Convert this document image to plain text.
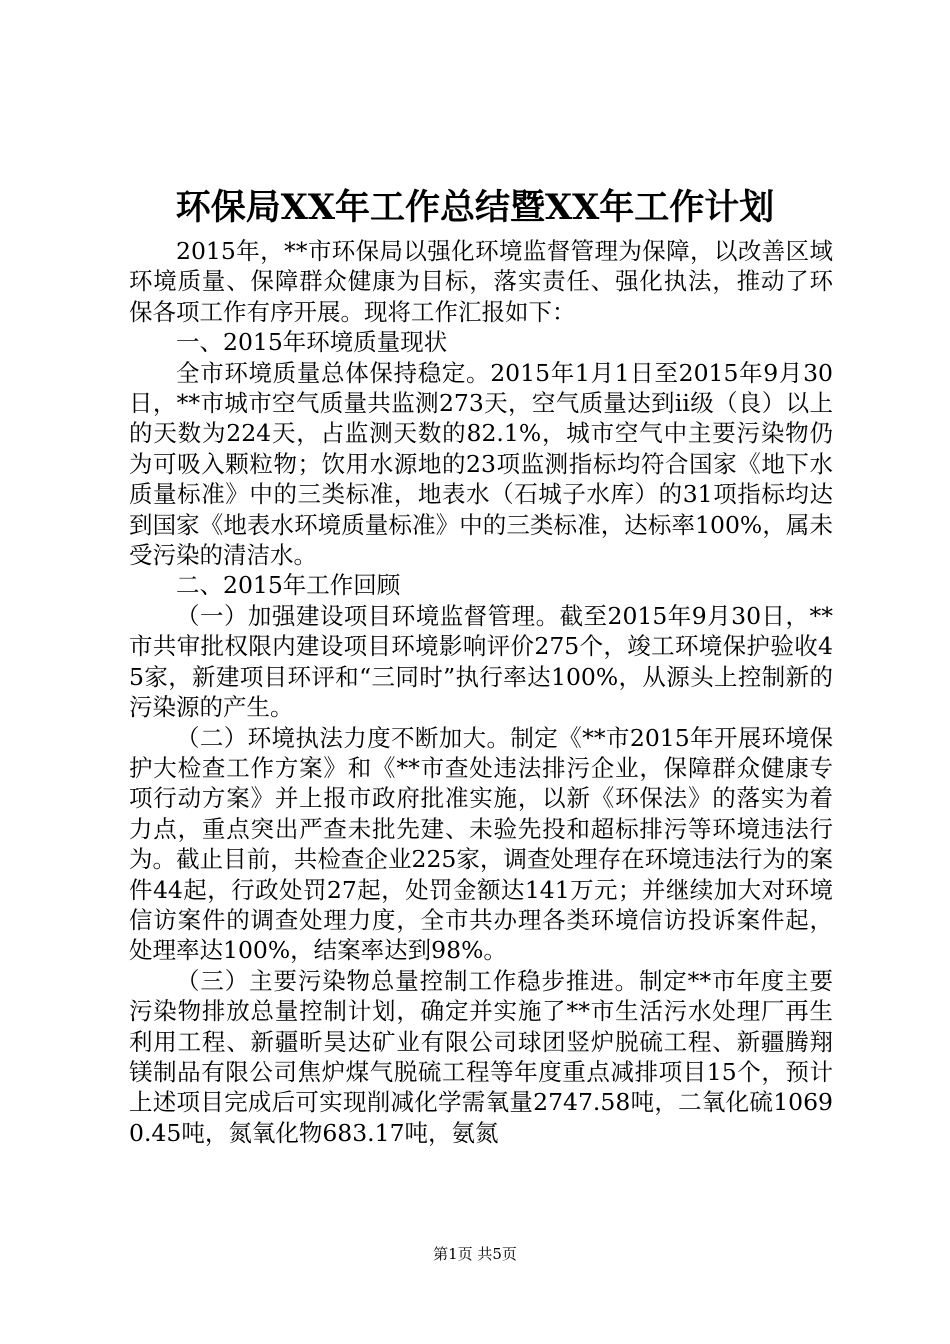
环保局XX年工作总结暨XX年工作计划

2015年，**市环保局以强化环境监督管理为保障，以改善区域环境质量、保障群众健康为目标，落实责任、强化执法，推动了环保各项工作有序开展。现将工作汇报如下：

一、2015年环境质量现状

全市环境质量总体保持稳定。2015年1月1日至2015年9月30日，**市城市空气质量共监测273天，空气质量达到ii级（良）以上的天数为224天，占监测天数的82.1%，城市空气中主要污染物仍为可吸入颗粒物；饮用水源地的23项监测指标均符合国家《地下水质量标准》中的三类标准，地表水（石城子水库）的31项指标均达到国家《地表水环境质量标准》中的三类标准，达标率100%，属未受污染的清洁水。

二、2015年工作回顾

（一）加强建设项目环境监督管理。截至2015年9月30日，**市共审批权限内建设项目环境影响评价275个，竣工环境保护验收45家，新建项目环评和“三同时”执行率达100%，从源头上控制新的污染源的产生。

（二）环境执法力度不断加大。制定《**市2015年开展环境保护大检查工作方案》和《**市查处违法排污企业，保障群众健康专项行动方案》并上报市政府批准实施，以新《环保法》的落实为着力点，重点突出严查未批先建、未验先投和超标排污等环境违法行为。截止目前，共检查企业225家，调查处理存在环境违法行为的案件44起，行政处罚27起，处罚金额达141万元；并继续加大对环境信访案件的调查处理力度，全市共办理各类环境信访投诉案件起，处理率达100%，结案率达到98%。

（三）主要污染物总量控制工作稳步推进。制定**市年度主要污染物排放总量控制计划，确定并实施了**市生活污水处理厂再生利用工程、新疆昕昊达矿业有限公司球团竖炉脱硫工程、新疆腾翔镁制品有限公司焦炉煤气脱硫工程等年度重点减排项目15个，预计上述项目完成后可实现削减化学需氧量2747.58吨，二氧化硫10690.45吨，氮氧化物683.17吨，氨氮

第1页 共5页
